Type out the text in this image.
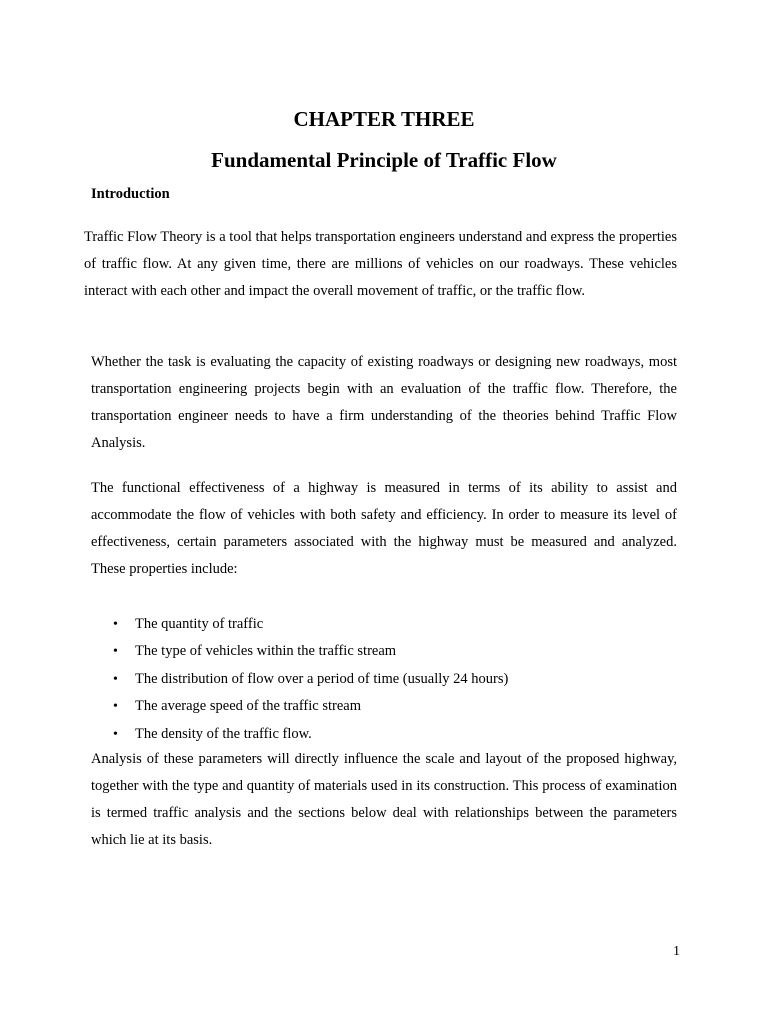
CHAPTER THREE
Fundamental Principle of Traffic Flow
Introduction

Traffic Flow Theory is a tool that helps transportation engineers understand and express the properties of traffic flow. At any given time, there are millions of vehicles on our roadways. These vehicles interact with each other and impact the overall movement of traffic, or the traffic flow.

Whether the task is evaluating the capacity of existing roadways or designing new roadways, most transportation engineering projects begin with an evaluation of the traffic flow. Therefore, the transportation engineer needs to have a firm understanding of the theories behind Traffic Flow Analysis.

The functional effectiveness of a highway is measured in terms of its ability to assist and accommodate the flow of vehicles with both safety and efficiency. In order to measure its level of effectiveness, certain parameters associated with the highway must be measured and analyzed. These properties include:

• The quantity of traffic
• The type of vehicles within the traffic stream
• The distribution of flow over a period of time (usually 24 hours)
• The average speed of the traffic stream
• The density of the traffic flow.

Analysis of these parameters will directly influence the scale and layout of the proposed highway, together with the type and quantity of materials used in its construction. This process of examination is termed traffic analysis and the sections below deal with relationships between the parameters which lie at its basis.

1
